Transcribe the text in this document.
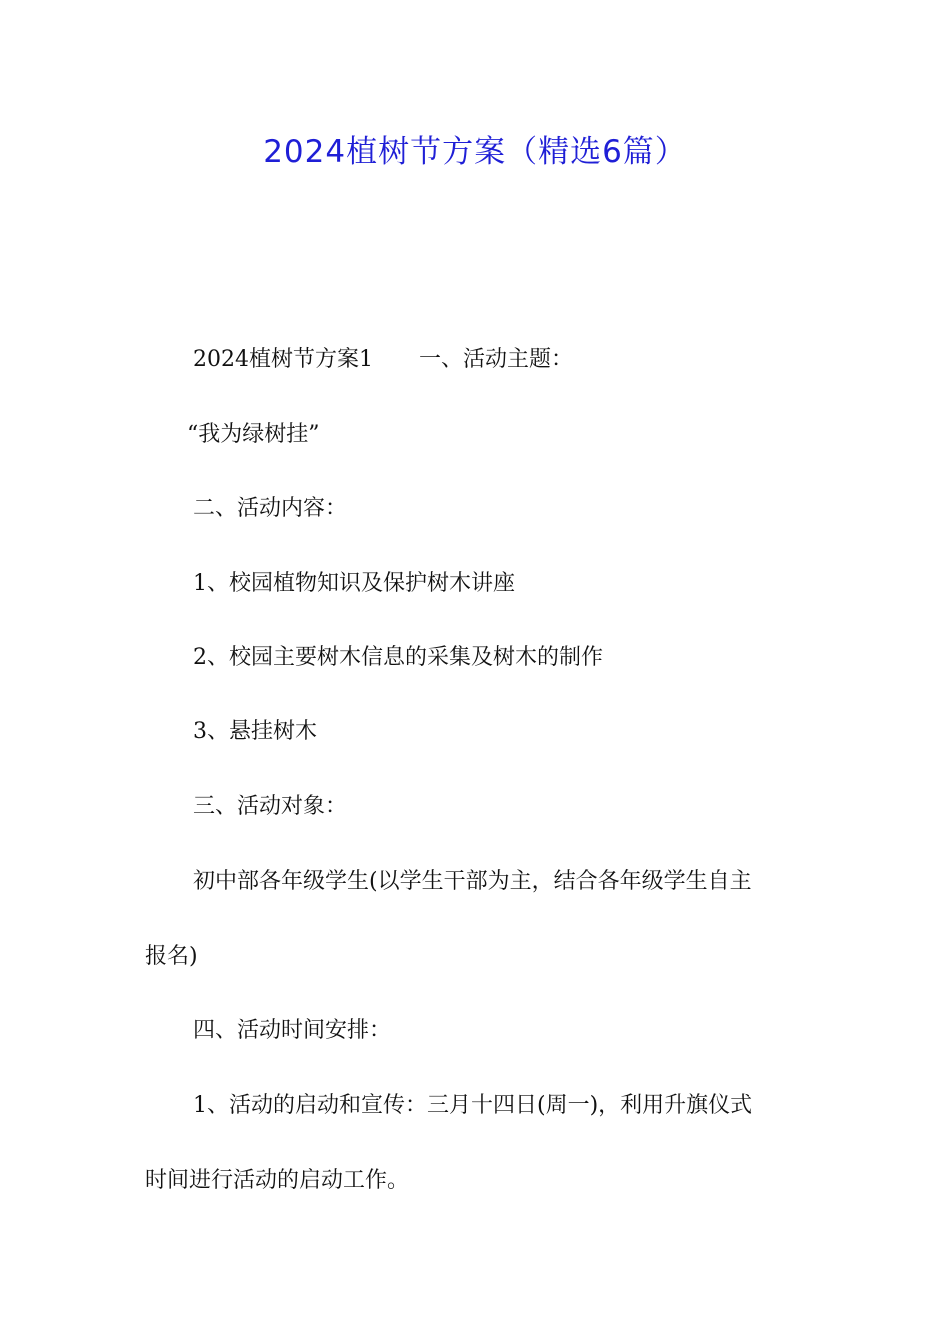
2024植树节方案（精选6篇）
2024植树节方案1 一、活动主题：
“我为绿树挂”
二、活动内容：
1、校园植物知识及保护树木讲座
2、校园主要树木信息的采集及树木的制作
3、悬挂树木
三、活动对象：
初中部各年级学生(以学生干部为主，结合各年级学生自主
报名)
四、活动时间安排：
1、活动的启动和宣传：三月十四日(周一)，利用升旗仪式
时间进行活动的启动工作。
